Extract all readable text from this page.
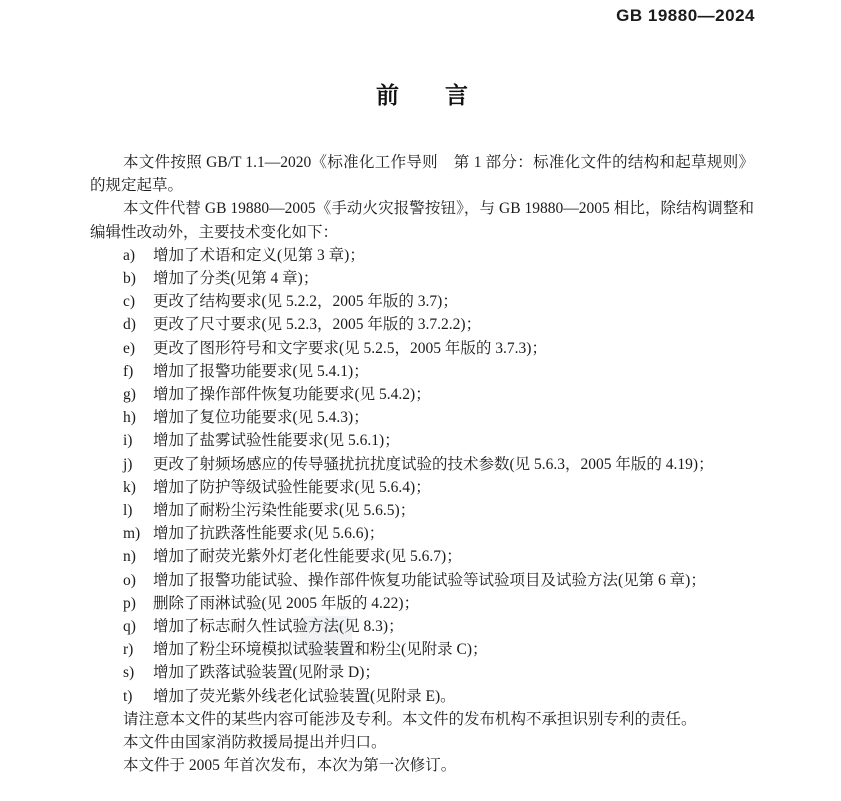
GB 19880—2024
前　　言

本文件按照 GB/T 1.1—2020《标准化工作导则　第 1 部分：标准化文件的结构和起草规则》的规定起草。

本文件代替 GB 19880—2005《手动火灾报警按钮》，与 GB 19880—2005 相比，除结构调整和编辑性改动外，主要技术变化如下：

a)	增加了术语和定义(见第 3 章)；
b)	增加了分类(见第 4 章)；
c)	更改了结构要求(见 5.2.2，2005 年版的 3.7)；
d)	更改了尺寸要求(见 5.2.3，2005 年版的 3.7.2.2)；
e)	更改了图形符号和文字要求(见 5.2.5，2005 年版的 3.7.3)；
f)	增加了报警功能要求(见 5.4.1)；
g)	增加了操作部件恢复功能要求(见 5.4.2)；
h)	增加了复位功能要求(见 5.4.3)；
i)	增加了盐雾试验性能要求(见 5.6.1)；
j)	更改了射频场感应的传导骚扰抗扰度试验的技术参数(见 5.6.3，2005 年版的 4.19)；
k)	增加了防护等级试验性能要求(见 5.6.4)；
l)	增加了耐粉尘污染性能要求(见 5.6.5)；
m) 增加了抗跌落性能要求(见 5.6.6)；
n)	增加了耐荧光紫外灯老化性能要求(见 5.6.7)；
o)	增加了报警功能试验、操作部件恢复功能试验等试验项目及试验方法(见第 6 章)；
p)	删除了雨淋试验(见 2005 年版的 4.22)；
q)	增加了标志耐久性试验方法(见 8.3)；
r)	增加了粉尘环境模拟试验装置和粉尘(见附录 C)；
s)	增加了跌落试验装置(见附录 D)；
t)	增加了荧光紫外线老化试验装置(见附录 E)。

请注意本文件的某些内容可能涉及专利。本文件的发布机构不承担识别专利的责任。

本文件由国家消防救援局提出并归口。

本文件于 2005 年首次发布，本次为第一次修订。
